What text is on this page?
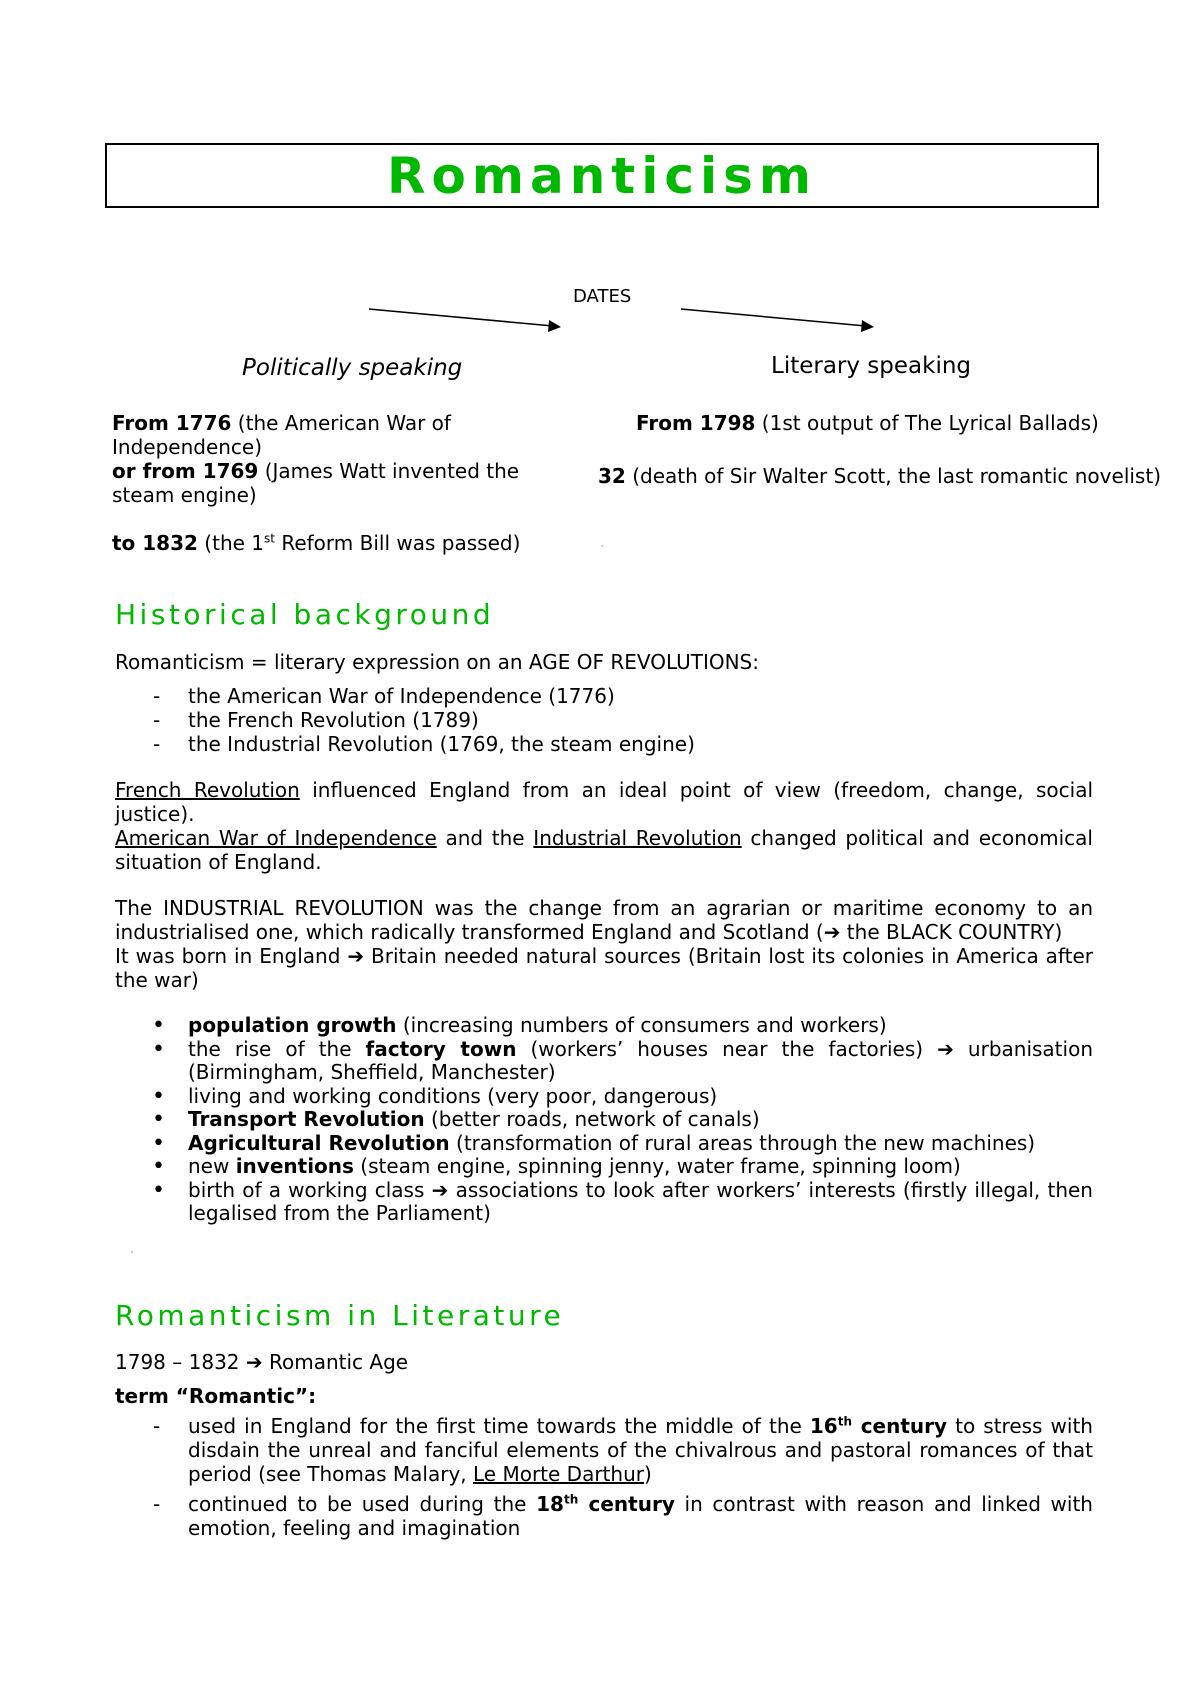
Romanticism
DATES
Politically speaking	Literary speaking

From 1776 (the American War of Independence)

or from 1769 (James Watt invented the steam engine)

to 1832 (the 1st Reform Bill was passed)

From 1798 (1st output of The Lyrical Ballads)
32 (death of Sir Walter Scott, the last romantic novelist)
'
Historical background

Romanticism = literary expression on an AGE OF REVOLUTIONS:

- the American War of Independence (1776)
- the French Revolution (1789)
- the Industrial Revolution (1769, the steam engine)

French Revolution influenced England from an ideal point of view (freedom, change, social justice).

American War of Independence and the Industrial Revolution changed political and economical situation of England.

The INDUSTRIAL REVOLUTION was the change from an agrarian or maritime economy to an industrialised one, which radically transformed England and Scotland (➔ the BLACK COUNTRY)
It was born in England ➔ Britain needed natural sources (Britain lost its colonies in America after the war)

• population growth (increasing numbers of consumers and workers)
• the rise of the factory town (workers’ houses near the factories) ➔ urbanisation (Birmingham, Sheffield, Manchester)
• living and working conditions (very poor, dangerous)
• Transport Revolution (better roads, network of canals)
• Agricultural Revolution (transformation of rural areas through the new machines)
• new inventions (steam engine, spinning jenny, water frame, spinning loom)
• birth of a working class ➔ associations to look after workers’ interests (firstly illegal, then legalised from the Parliament)
'
Romanticism in Literature

1798 – 1832 ➔ Romantic Age

term “Romantic”:

- used in England for the first time towards the middle of the 16th century to stress with disdain the unreal and fanciful elements of the chivalrous and pastoral romances of that period (see Thomas Malary, Le Morte Darthur)
- continued to be used during the 18th century in contrast with reason and linked with emotion, feeling and imagination
